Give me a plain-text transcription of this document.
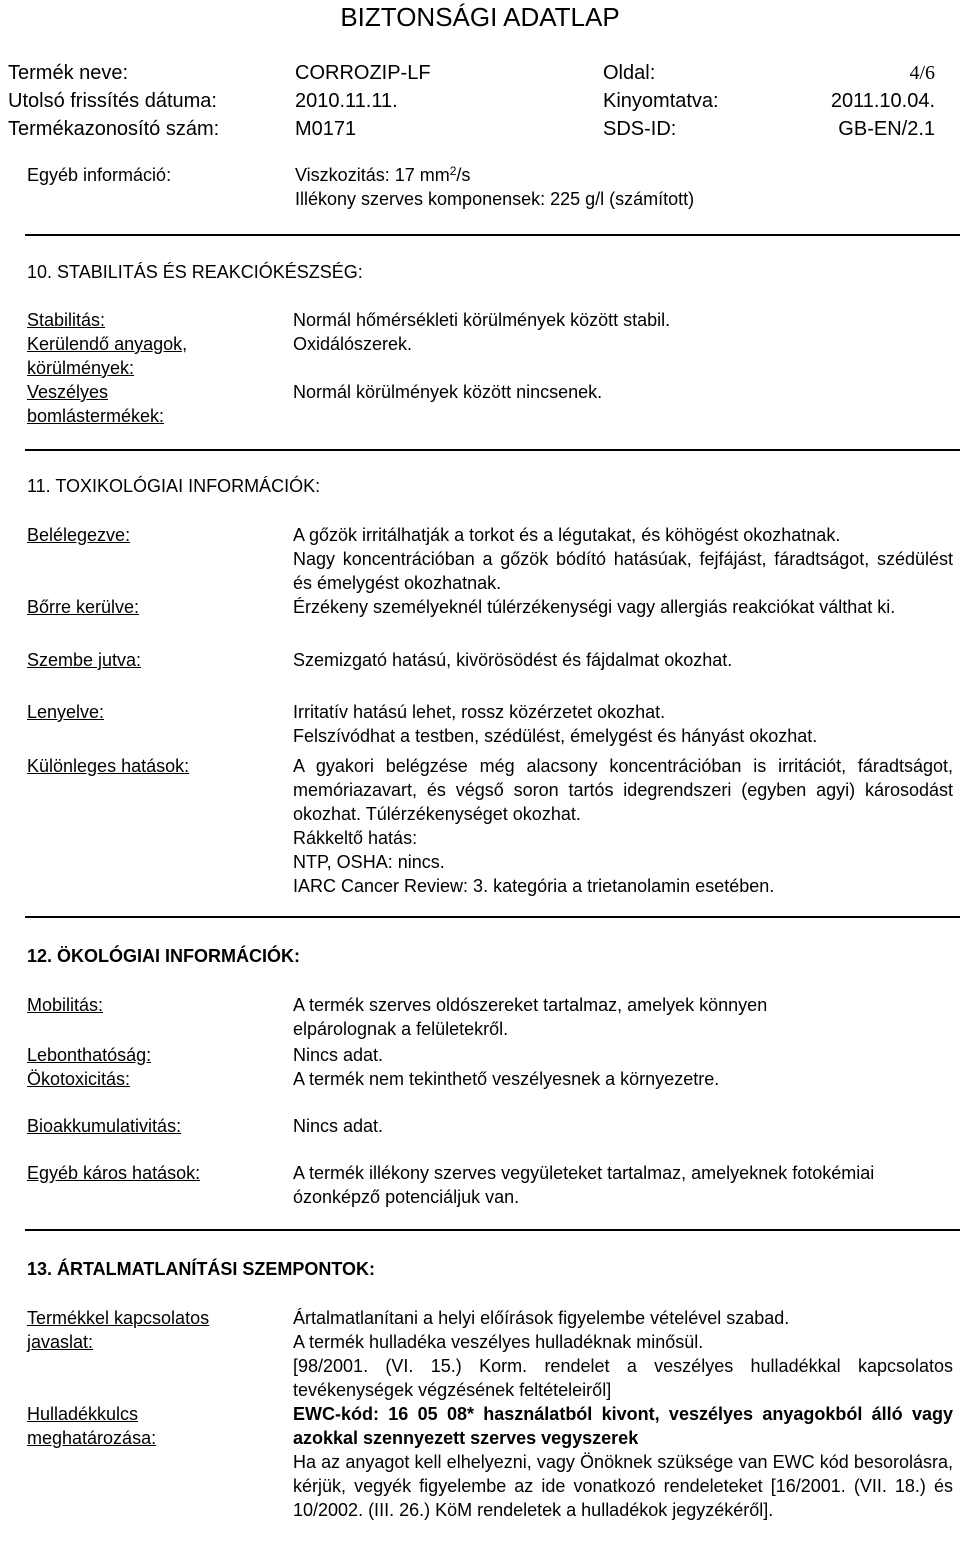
BIZTONSÁGI ADATLAP
Termék neve:	CORROZIP-LF	Oldal:	4/6
Utolsó frissítés dátuma:	2010.11.11.	Kinyomtatva:	2011.10.04.
Termékazonosító szám:	M0171	SDS-ID:	GB-EN/2.1
Egyéb információ:	Viszkozitás: 17 $mm^2/s$
Illékony szerves komponensek: 225 g/l (számított)
10. STABILITÁS ÉS REAKCIÓKÉSZSÉG:
Stabilitás:	Normál hőmérsékleti körülmények között stabil.
Kerülendő anyagok,
körülmények:
Oxidálószerek.
Veszélyes
bomlástermékek:
Normál körülmények között nincsenek.
11. TOXIKOLÓGIAI INFORMÁCIÓK:
Belélegezve:	A gőzök irritálhatják a torkot és a légutakat, és köhögést okozhatnak.
Nagy koncentrációban a gőzök bódító hatásúak, fejfájást, fáradtságot, szédülést és émelygést okozhatnak.
Bőrre kerülve:	Érzékeny személyeknél túlérzékenységi vagy allergiás reakciókat válthat ki.
Szembe jutva:	Szemizgató hatású, kivörösödést és fájdalmat okozhat.
Lenyelve:	Irritatív hatású lehet, rossz közérzetet okozhat.
Felszívódhat a testben, szédülést, émelygést és hányást okozhat.
Különleges hatások:	A gyakori belégzése még alacsony koncentrációban is irritációt, fáradtságot, memóriazavart, és végső soron tartós idegrendszeri (egyben agyi) károsodást okozhat. Túlérzékenységet okozhat.
Rákkeltő hatás:
NTP, OSHA: nincs.
IARC Cancer Review: 3. kategória a trietanolamin esetében.
12. ÖKOLÓGIAI INFORMÁCIÓK:
Mobilitás:	A termék szerves oldószereket tartalmaz, amelyek könnyen elpárolognak a felületekről.
Lebonthatóság:	Nincs adat.
Ökotoxicitás:	A termék nem tekinthető veszélyesnek a környezetre.
Bioakkumulativitás:	Nincs adat.
Egyéb káros hatások:	A termék illékony szerves vegyületeket tartalmaz, amelyeknek fotokémiai ózonképző potenciáljuk van.
13. ÁRTALMATLANÍTÁSI SZEMPONTOK:
Termékkel kapcsolatos
javaslat:
Ártalmatlanítani a helyi előírások figyelembe vételével szabad.
A termék hulladéka veszélyes hulladéknak minősül.
[98/2001. (VI. 15.) Korm. rendelet a veszélyes hulladékkal kapcsolatos tevékenységek végzésének feltételeiről]
Hulladékkulcs
meghatározása:
EWC-kód: 16 05 08* használatból kivont, veszélyes anyagokból álló vagy azokkal szennyezett szerves vegyszerek
Ha az anyagot kell elhelyezni, vagy Önöknek szüksége van EWC kód besorolásra, kérjük, vegyék figyelembe az ide vonatkozó rendeleteket [16/2001. (VII. 18.) és 10/2002. (III. 26.) KöM rendeletek a hulladékok jegyzékéről].
